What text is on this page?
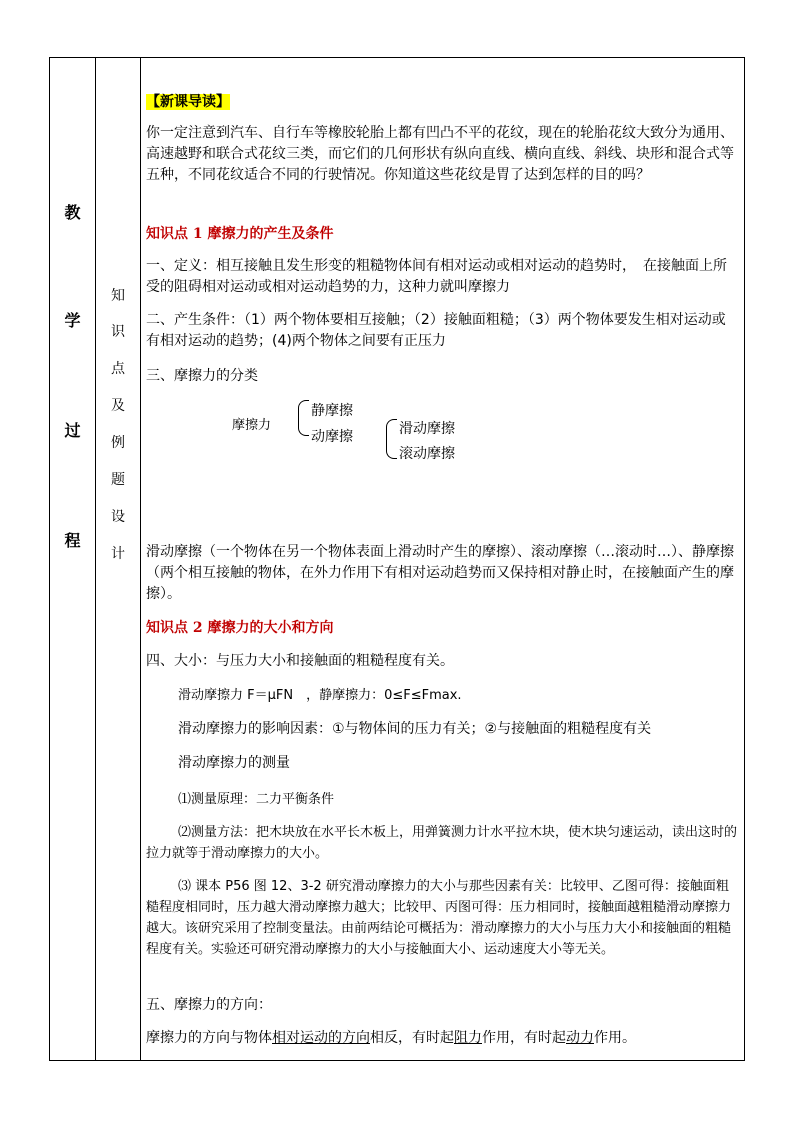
教
学
过
程
知
识
点
及
例
题
设
计

【新课导读】

你一定注意到汽车、自行车等橡胶轮胎上都有凹凸不平的花纹，现在的轮胎花纹大致分为通用、高速越野和联合式花纹三类，而它们的几何形状有纵向直线、横向直线、斜线、块形和混合式等五种，不同花纹适合不同的行驶情况。你知道这些花纹是胃了达到怎样的目的吗？

知识点 1 摩擦力的产生及条件

一、定义：相互接触且发生形变的粗糙物体间有相对运动或相对运动的趋势时，　在接触面上所受的阻碍相对运动或相对运动趋势的力，这种力就叫摩擦力

二、产生条件：（1）两个物体要相互接触；（2）接触面粗糙；（3）两个物体要发生相对运动或有相对运动的趋势；(4)两个物体之间要有正压力

三、摩擦力的分类

摩擦力
静摩擦
动摩擦	滑动摩擦
滚动摩擦

滑动摩擦（一个物体在另一个物体表面上滑动时产生的摩擦）、滚动摩擦（…滚动时…）、静摩擦（两个相互接触的物体，在外力作用下有相对运动趋势而又保持相对静止时，在接触面产生的摩擦）。

知识点 2 摩擦力的大小和方向

四、大小：与压力大小和接触面的粗糙程度有关。

滑动摩擦力 F＝μFN　，静摩擦力：0≤F≤Fmax.

滑动摩擦力的影响因素：①与物体间的压力有关；②与接触面的粗糙程度有关

滑动摩擦力的测量

⑴测量原理：二力平衡条件

⑵测量方法：把木块放在水平长木板上，用弹簧测力计水平拉木块，使木块匀速运动，读出这时的拉力就等于滑动摩擦力的大小。

⑶ 课本 P56 图 12、3-2 研究滑动摩擦力的大小与那些因素有关：比较甲、乙图可得：接触面粗糙程度相同时，压力越大滑动摩擦力越大；比较甲、丙图可得：压力相同时，接触面越粗糙滑动摩擦力越大。该研究采用了控制变量法。由前两结论可概括为：滑动摩擦力的大小与压力大小和接触面的粗糙程度有关。实验还可研究滑动摩擦力的大小与接触面大小、运动速度大小等无关。

五、摩擦力的方向：

摩擦力的方向与物体相对运动的方向相反，有时起阻力作用，有时起动力作用。
